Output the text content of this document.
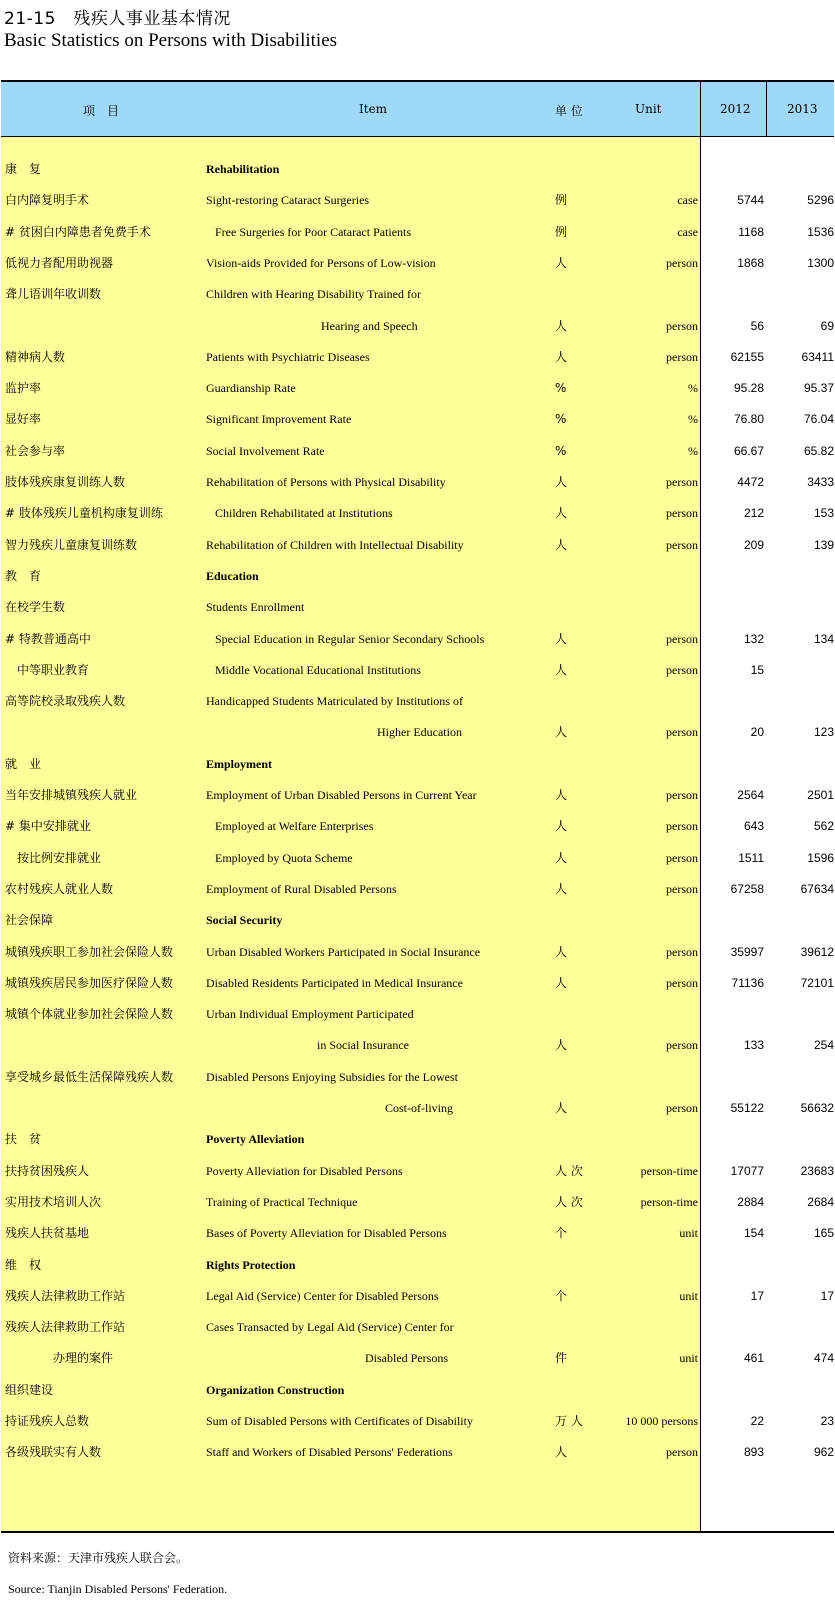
21-15　残疾人事业基本情况
Basic Statistics on Persons with Disabilities
项　目	Item	单 位	Unit	2012	2013
康　复	Rehabilitation
白内障复明手术	Sight-restoring Cataract Surgeries	例	case	5744	5296
# 贫困白内障患者免费手术	Free Surgeries for Poor Cataract Patients	例	case	1168	1536
低视力者配用助视器	Vision-aids Provided for Persons of Low-vision	人	person	1868	1300
聋儿语训年收训数	Children with Hearing Disability Trained for
Hearing and Speech	人	person	56	69
精神病人数	Patients with Psychiatric Diseases	人	person	62155	63411
监护率	Guardianship Rate	%	%	95.28	95.37
显好率	Significant Improvement Rate	%	%	76.80	76.04
社会参与率	Social Involvement Rate	%	%	66.67	65.82
肢体残疾康复训练人数	Rehabilitation of Persons with Physical Disability	人	person	4472	3433
# 肢体残疾儿童机构康复训练	Children Rehabilitated at Institutions	人	person	212	153
智力残疾儿童康复训练数	Rehabilitation of Children with Intellectual Disability	人	person	209	139
教　育	Education
在校学生数	Students Enrollment
# 特教普通高中	Special Education in Regular Senior Secondary Schools	人	person	132	134
　中等职业教育	Middle Vocational Educational Institutions	人	person	15
高等院校录取残疾人数	Handicapped Students Matriculated by Institutions of
Higher Education	人	person	20	123
就　业	Employment
当年安排城镇残疾人就业	Employment of Urban Disabled Persons in Current Year	人	person	2564	2501
# 集中安排就业	Employed at Welfare Enterprises	人	person	643	562
　按比例安排就业	Employed by Quota Scheme	人	person	1511	1596
农村残疾人就业人数	Employment of Rural Disabled Persons	人	person	67258	67634
社会保障	Social Security
城镇残疾职工参加社会保险人数	Urban Disabled Workers Participated in Social Insurance	人	person	35997	39612
城镇残疾居民参加医疗保险人数	Disabled Residents Participated in Medical Insurance	人	person	71136	72101
城镇个体就业参加社会保险人数	Urban Individual Employment Participated
in Social Insurance	人	person	133	254
享受城乡最低生活保障残疾人数	Disabled Persons Enjoying Subsidies for the Lowest
Cost-of-living	人	person	55122	56632
扶　贫	Poverty Alleviation
扶持贫困残疾人	Poverty Alleviation for Disabled Persons	人 次	person-time	17077	23683
实用技术培训人次	Training of Practical Technique	人 次	person-time	2884	2684
残疾人扶贫基地	Bases of Poverty Alleviation for Disabled Persons	个	unit	154	165
维　权	Rights Protection
残疾人法律救助工作站	Legal Aid (Service) Center for Disabled Persons	个	unit	17	17
残疾人法律救助工作站	Cases Transacted by Legal Aid (Service) Center for
　　　　办理的案件	Disabled Persons	件	unit	461	474
组织建设	Organization Construction
持证残疾人总数	Sum of Disabled Persons with Certificates of Disability	万 人	10 000 persons	22	23
各级残联实有人数	Staff and Workers of Disabled Persons' Federations	人	person	893	962
资料来源：天津市残疾人联合会。
Source: Tianjin Disabled Persons' Federation.
